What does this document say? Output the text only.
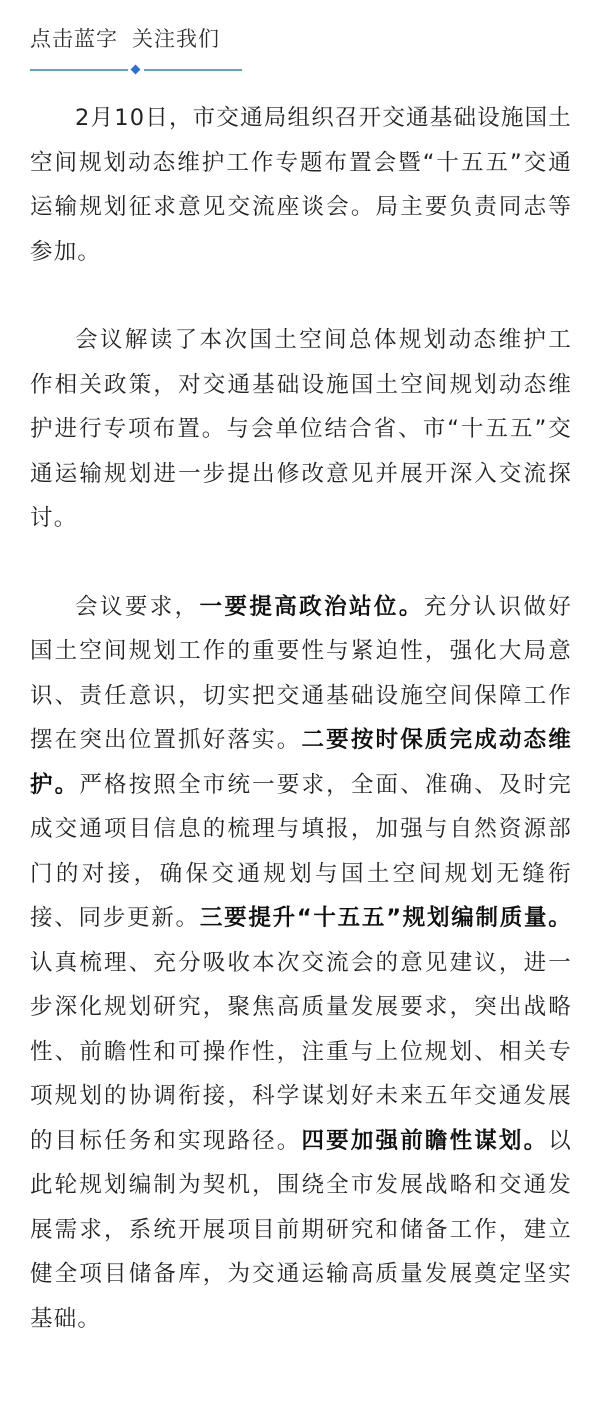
点击蓝字 关注我们

2月10日，市交通局组织召开交通基础设施国土空间规划动态维护工作专题布置会暨“十五五”交通运输规划征求意见交流座谈会。局主要负责同志等参加。

会议解读了本次国土空间总体规划动态维护工作相关政策，对交通基础设施国土空间规划动态维护进行专项布置。与会单位结合省、市“十五五”交通运输规划进一步提出修改意见并展开深入交流探讨。

会议要求，一要提高政治站位。充分认识做好国土空间规划工作的重要性与紧迫性，强化大局意识、责任意识，切实把交通基础设施空间保障工作摆在突出位置抓好落实。二要按时保质完成动态维护。严格按照全市统一要求，全面、准确、及时完成交通项目信息的梳理与填报，加强与自然资源部门的对接，确保交通规划与国土空间规划无缝衔接、同步更新。三要提升“十五五”规划编制质量。认真梳理、充分吸收本次交流会的意见建议，进一步深化规划研究，聚焦高质量发展要求，突出战略性、前瞻性和可操作性，注重与上位规划、相关专项规划的协调衔接，科学谋划好未来五年交通发展的目标任务和实现路径。四要加强前瞻性谋划。以此轮规划编制为契机，围绕全市发展战略和交通发展需求，系统开展项目前期研究和储备工作，建立健全项目储备库，为交通运输高质量发展奠定坚实基础。
